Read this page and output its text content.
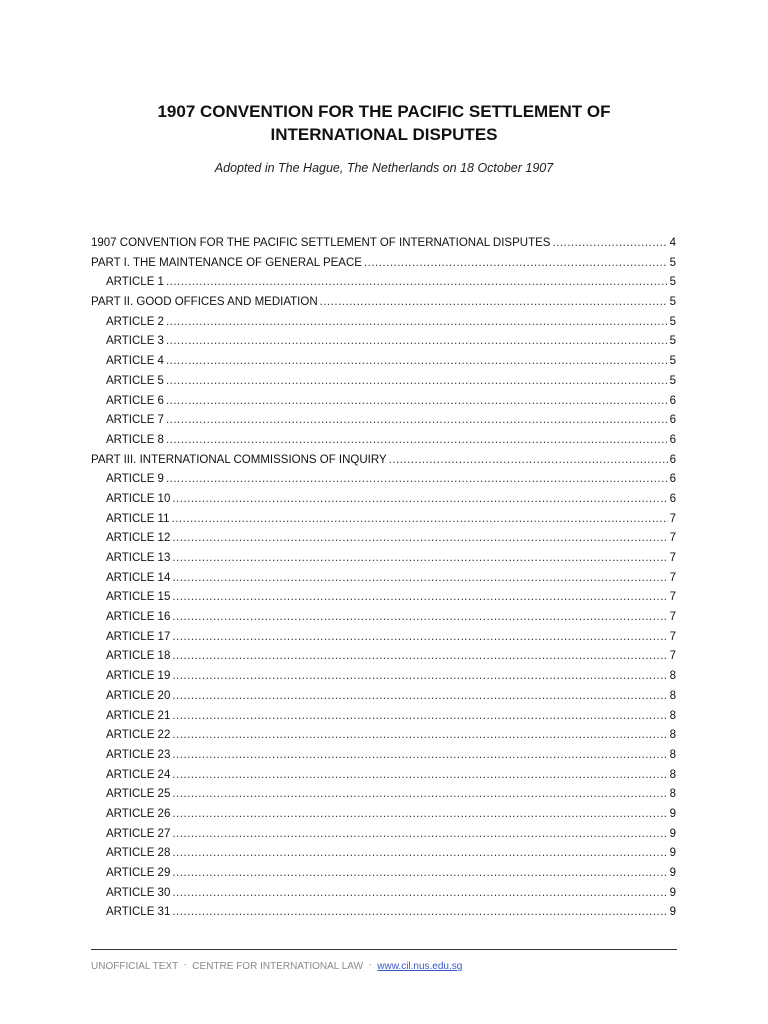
1907 CONVENTION FOR THE PACIFIC SETTLEMENT OF
INTERNATIONAL DISPUTES

Adopted in The Hague, The Netherlands on 18 October 1907

1907 CONVENTION FOR THE PACIFIC SETTLEMENT OF INTERNATIONAL DISPUTES .....	4
PART I. THE MAINTENANCE OF GENERAL PEACE .....	5
ARTICLE 1 .....	5
PART II. GOOD OFFICES AND MEDIATION .....	5
ARTICLE 2 .....	5
ARTICLE 3 .....	5
ARTICLE 4 .....	5
ARTICLE 5 .....	5
ARTICLE 6 .....	6
ARTICLE 7 .....	6
ARTICLE 8 .....	6
PART III. INTERNATIONAL COMMISSIONS OF INQUIRY .....	6
ARTICLE 9 .....	6
ARTICLE 10 .....	6
ARTICLE 11 .....	7
ARTICLE 12 .....	7
ARTICLE 13 .....	7
ARTICLE 14 .....	7
ARTICLE 15 .....	7
ARTICLE 16 .....	7
ARTICLE 17 .....	7
ARTICLE 18 .....	7
ARTICLE 19 .....	8
ARTICLE 20 .....	8
ARTICLE 21 .....	8
ARTICLE 22 .....	8
ARTICLE 23 .....	8
ARTICLE 24 .....	8
ARTICLE 25 .....	8
ARTICLE 26 .....	9
ARTICLE 27 .....	9
ARTICLE 28 .....	9
ARTICLE 29 .....	9
ARTICLE 30 .....	9
ARTICLE 31 .....	9
UNOFFICIAL TEXT - CENTRE FOR INTERNATIONAL LAW - www.cil.nus.edu.sg
